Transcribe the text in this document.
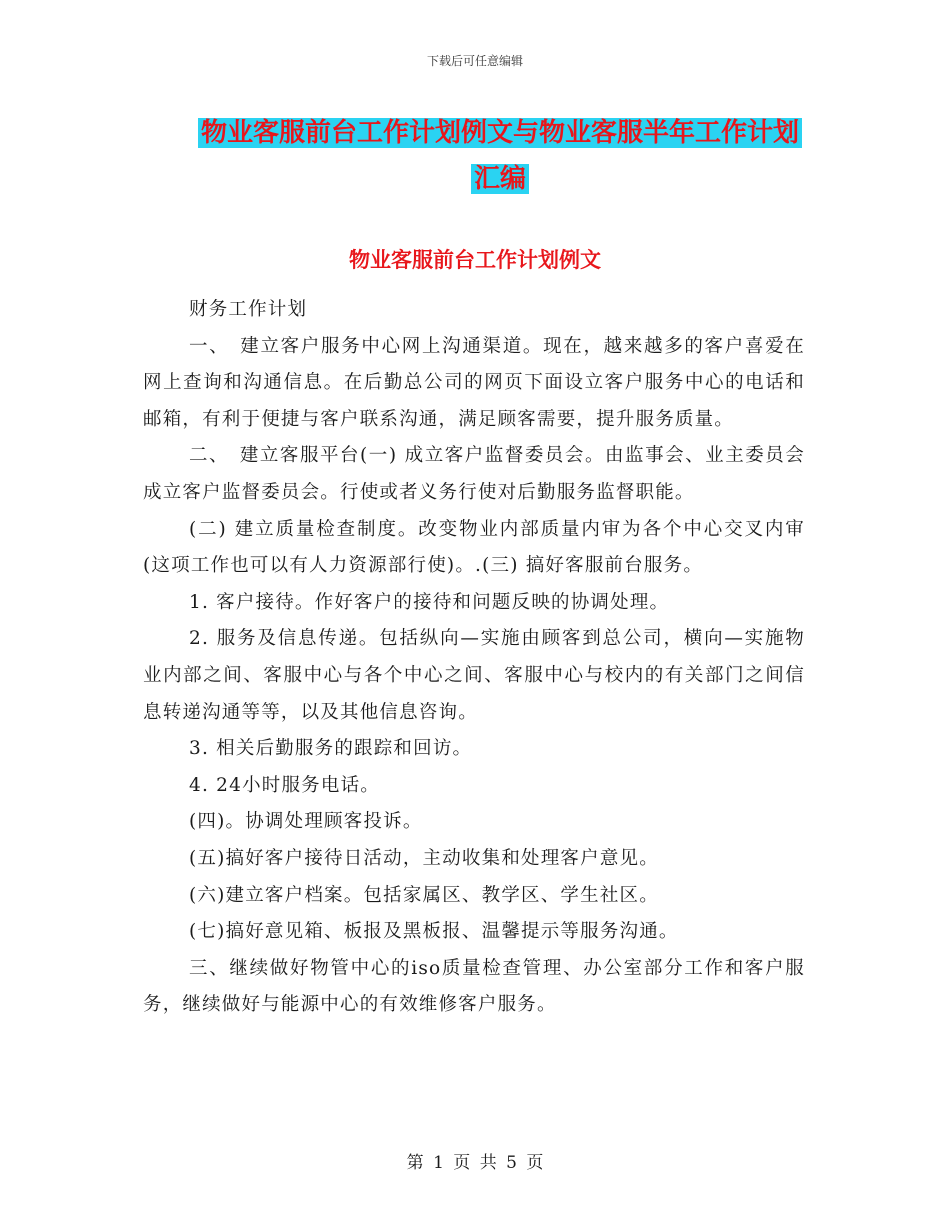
下载后可任意编辑
物业客服前台工作计划例文与物业客服半年工作计划
汇编
物业客服前台工作计划例文

财务工作计划

一、　建立客户服务中心网上沟通渠道。现在，越来越多的客户喜爱在网上查询和沟通信息。在后勤总公司的网页下面设立客户服务中心的电话和邮箱，有利于便捷与客户联系沟通，满足顾客需要，提升服务质量。

二、　建立客服平台(一) 成立客户监督委员会。由监事会、业主委员会成立客户监督委员会。行使或者义务行使对后勤服务监督职能。

(二) 建立质量检查制度。改变物业内部质量内审为各个中心交叉内审(这项工作也可以有人力资源部行使)。.(三) 搞好客服前台服务。

1. 客户接待。作好客户的接待和问题反映的协调处理。

2. 服务及信息传递。包括纵向—实施由顾客到总公司，横向—实施物业内部之间、客服中心与各个中心之间、客服中心与校内的有关部门之间信息转递沟通等等，以及其他信息咨询。

3. 相关后勤服务的跟踪和回访。

4. 24小时服务电话。

(四)。协调处理顾客投诉。

(五)搞好客户接待日活动，主动收集和处理客户意见。

(六)建立客户档案。包括家属区、教学区、学生社区。

(七)搞好意见箱、板报及黑板报、温馨提示等服务沟通。

三、继续做好物管中心的iso质量检查管理、办公室部分工作和客户服务，继续做好与能源中心的有效维修客户服务。

第 1 页 共 5 页
